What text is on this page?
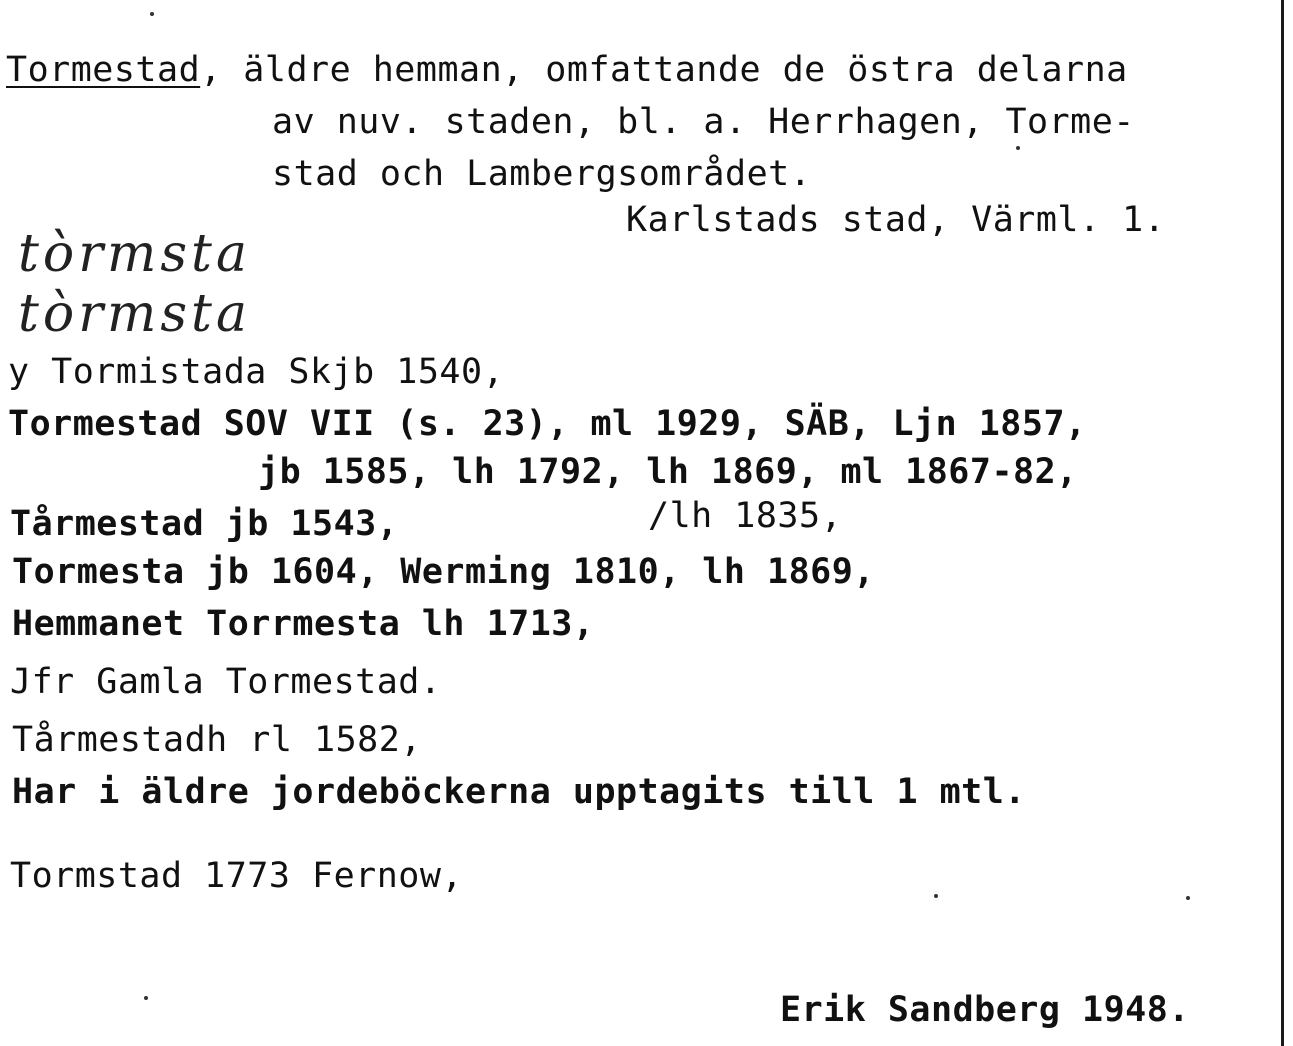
Tormestad, äldre hemman, omfattande de östra delarna
av nuv. staden, bl. a. Herrhagen, Torme-
stad och Lambergsområdet.
Karlstads stad, Värml. 1.
tò̀rmsta
tòrmsta
y Tormistada Skjb 1540,
Tormestad SOV VII (s. 23), ml 1929, SÄB, Ljn 1857,
jb 1585, lh 1792, lh 1869, ml 1867-82,
Tårmestad jb 1543,	/lh 1835,
Tormesta jb 1604, Werming 1810, lh 1869,
Hemmanet Torrmesta lh 1713,
Jfr Gamla Tormestad.
Tårmestadh rl 1582,
Har i äldre jordeböckerna upptagits till 1 mtl.
Tormstad 1773 Fernow,
Erik Sandberg 1948.
